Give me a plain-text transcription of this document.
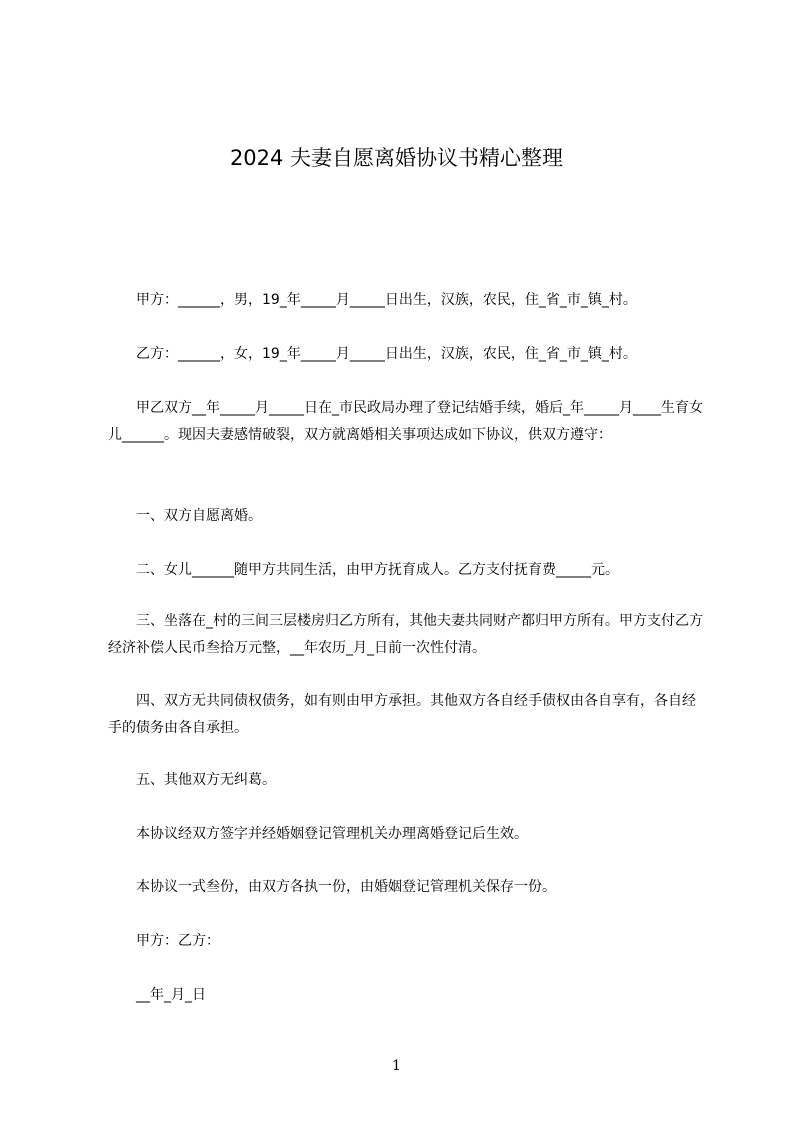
2024 夫妻自愿离婚协议书精心整理
甲方：______，男，19_年_____月_____日出生，汉族，农民，住_省_市_镇_村。
乙方：______，女，19_年_____月_____日出生，汉族，农民，住_省_市_镇_村。
甲乙双方__年_____月_____日在_市民政局办理了登记结婚手续，婚后_年_____月____生育女儿______。现因夫妻感情破裂，双方就离婚相关事项达成如下协议，供双方遵守：
一、双方自愿离婚。
二、女儿______随甲方共同生活，由甲方抚育成人。乙方支付抚育费_____元。
三、坐落在_村的三间三层楼房归乙方所有，其他夫妻共同财产都归甲方所有。甲方支付乙方经济补偿人民币叁拾万元整，__年农历_月_日前一次性付清。
四、双方无共同债权债务，如有则由甲方承担。其他双方各自经手债权由各自享有，各自经手的债务由各自承担。
五、其他双方无纠葛。
本协议经双方签字并经婚姻登记管理机关办理离婚登记后生效。
本协议一式叁份，由双方各执一份，由婚姻登记管理机关保存一份。
甲方：乙方：
__年_月_日
1
